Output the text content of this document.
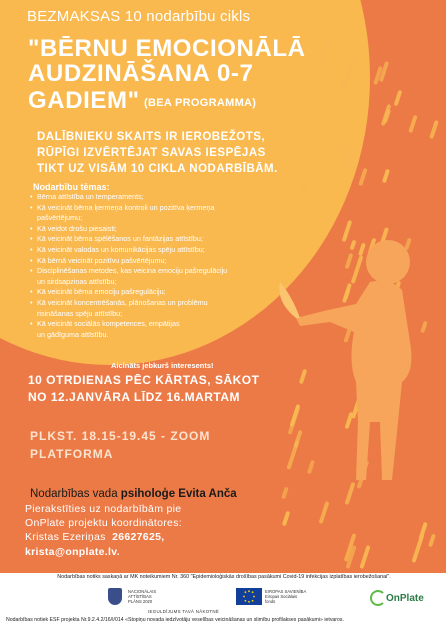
BEZMAKSAS 10 nodarbību cikls
"BĒRNU EMOCIONĀLĀ
AUDZINĀŠANA 0-7
GADIEM" (BEA PROGRAMMA)
DALĪBNIEKU SKAITS IR IEROBEŽOTS,
RŪPĪGI IZVĒRTĒJAT SAVAS IESPĒJAS
TIKT UZ VISĀM 10 CIKLA NODARBĪBĀM.
Nodarbību tēmas:
• Bērna attīstība un temperaments;
• Kā veicināt bērna ķermeņa kontroli un pozitīva ķermeņa
pašvērtējumu;
• Kā veidot drošu piesaisti;
• Kā veicināt bērna spēlēšanos un fantāzijas attīstību;
• Kā veicināt valodas un komunikācijas spēju attīstību;
• Kā bērnā veicināt pozitīvu pašvērtējumu;
• Disciplinēšanas metodes, kas veicina emociju pašregulāciju
un sirdsapziņas attīstību;
• Kā veicināt bērna emociju pašregulāciju;
• Kā veicināt koncentrēšanās, plānošanas un problēmu
risināšanas spēju attīstību;
• Kā veicināt sociālās kompetences, empātijas
un gādīguma attīstību.
Aicināts jebkurš interesents!
10 OTRDIENAS PĒC KĀRTAS, SĀKOT
NO 12.JANVĀRA LĪDZ 16.MARTAM
PLKST. 18.15-19.45 - ZOOM
PLATFORMA
Nodarbības vada psiholoģe Evita Anča
Pierakstīties uz nodarbībām pie
OnPlate projektu koordinātores:
Kristas Ezeriņas 26627625,
krista@onplate.lv.
Nodarbības notiks saskaņā ar MK noteikumiem Nr. 360 "Epidemioloģiskās drošības pasākumi Covid-19 infekcijas izplatības ierobežošanai".
NACIONĀLAIS
ATTĪSTĪBAS
PLĀNS 2020
EIROPAS SAVIENĪBA
Eiropas Sociālais
fonds
IEGULDĪJUMS TAVĀ NĀKOTNĒ
OnPlate
Nodarbības notiek ESF projekta Nr.9.2.4.2/16/I/014 «Stopiņu novada iedzīvotāju veselības veicināšanas un slimību profilakses pasākumi» ietvaros.
